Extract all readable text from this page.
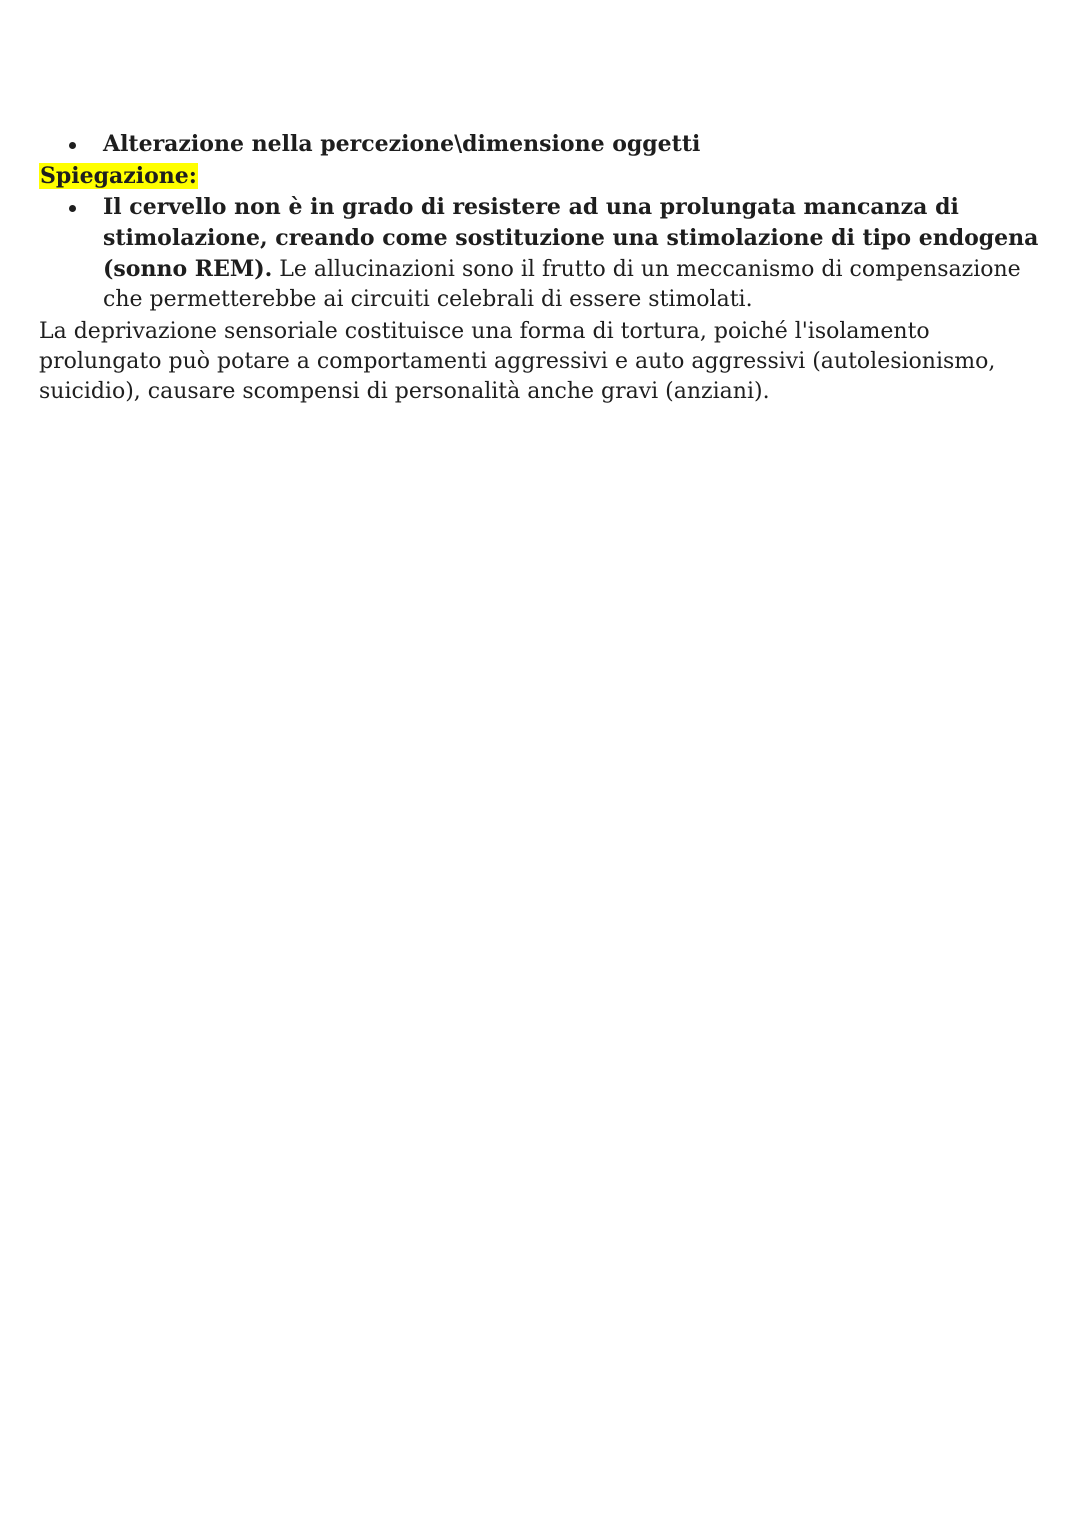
Alterazione nella percezione\dimensione oggetti
Spiegazione:
Il cervello non è in grado di resistere ad una prolungata mancanza di stimolazione, creando come sostituzione una stimolazione di tipo endogena (sonno REM). Le allucinazioni sono il frutto di un meccanismo di compensazione che permetterebbe ai circuiti celebrali di essere stimolati.
La deprivazione sensoriale costituisce una forma di tortura, poiché l'isolamento prolungato può potare a comportamenti aggressivi e auto aggressivi (autolesionismo, suicidio), causare scompensi di personalità anche gravi (anziani).
